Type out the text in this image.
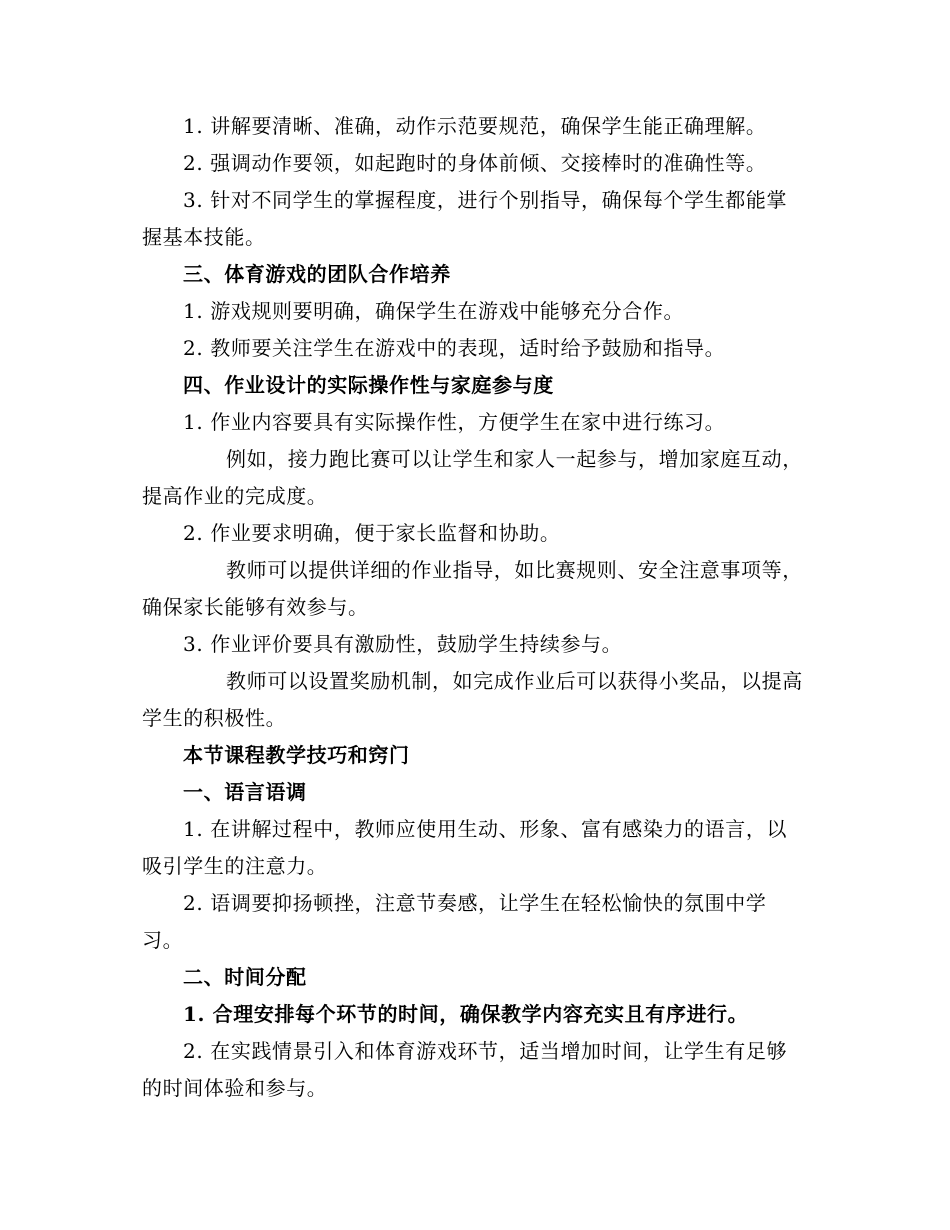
1. 讲解要清晰、准确，动作示范要规范，确保学生能正确理解。

2. 强调动作要领，如起跑时的身体前倾、交接棒时的准确性等。

3. 针对不同学生的掌握程度，进行个别指导，确保每个学生都能掌握基本技能。

三、体育游戏的团队合作培养

1. 游戏规则要明确，确保学生在游戏中能够充分合作。

2. 教师要关注学生在游戏中的表现，适时给予鼓励和指导。

四、作业设计的实际操作性与家庭参与度

1. 作业内容要具有实际操作性，方便学生在家中进行练习。

例如，接力跑比赛可以让学生和家人一起参与，增加家庭互动，提高作业的完成度。

2. 作业要求明确，便于家长监督和协助。

教师可以提供详细的作业指导，如比赛规则、安全注意事项等，确保家长能够有效参与。

3. 作业评价要具有激励性，鼓励学生持续参与。

教师可以设置奖励机制，如完成作业后可以获得小奖品，以提高学生的积极性。

本节课程教学技巧和窍门

一、语言语调

1. 在讲解过程中，教师应使用生动、形象、富有感染力的语言，以吸引学生的注意力。

2. 语调要抑扬顿挫，注意节奏感，让学生在轻松愉快的氛围中学习。

二、时间分配

1. 合理安排每个环节的时间，确保教学内容充实且有序进行。

2. 在实践情景引入和体育游戏环节，适当增加时间，让学生有足够的时间体验和参与。
